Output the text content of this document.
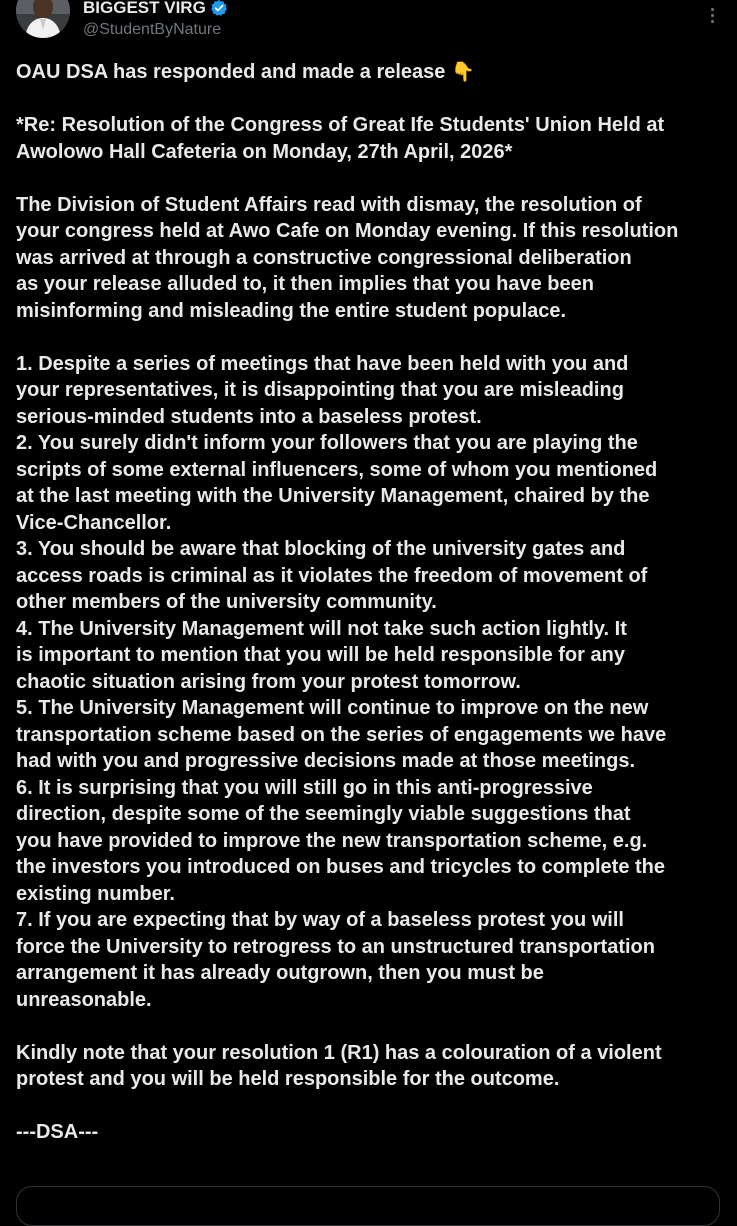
BIGGEST VIRG
@StudentByNature
OAU DSA has responded and made a release 👇
*Re: Resolution of the Congress of Great Ife Students' Union Held at
Awolowo Hall Cafeteria on Monday, 27th April, 2026*
The Division of Student Affairs read with dismay, the resolution of
your congress held at Awo Cafe on Monday evening. If this resolution
was arrived at through a constructive congressional deliberation
as your release alluded to, it then implies that you have been
misinforming and misleading the entire student populace.
1. Despite a series of meetings that have been held with you and
your representatives, it is disappointing that you are misleading
serious-minded students into a baseless protest.
2. You surely didn't inform your followers that you are playing the
scripts of some external influencers, some of whom you mentioned
at the last meeting with the University Management, chaired by the
Vice-Chancellor.
3. You should be aware that blocking of the university gates and
access roads is criminal as it violates the freedom of movement of
other members of the university community.
4. The University Management will not take such action lightly. It
is important to mention that you will be held responsible for any
chaotic situation arising from your protest tomorrow.
5. The University Management will continue to improve on the new
transportation scheme based on the series of engagements we have
had with you and progressive decisions made at those meetings.
6. It is surprising that you will still go in this anti-progressive
direction, despite some of the seemingly viable suggestions that
you have provided to improve the new transportation scheme, e.g.
the investors you introduced on buses and tricycles to complete the
existing number.
7. If you are expecting that by way of a baseless protest you will
force the University to retrogress to an unstructured transportation
arrangement it has already outgrown, then you must be
unreasonable.
Kindly note that your resolution 1 (R1) has a colouration of a violent
protest and you will be held responsible for the outcome.
---DSA---
